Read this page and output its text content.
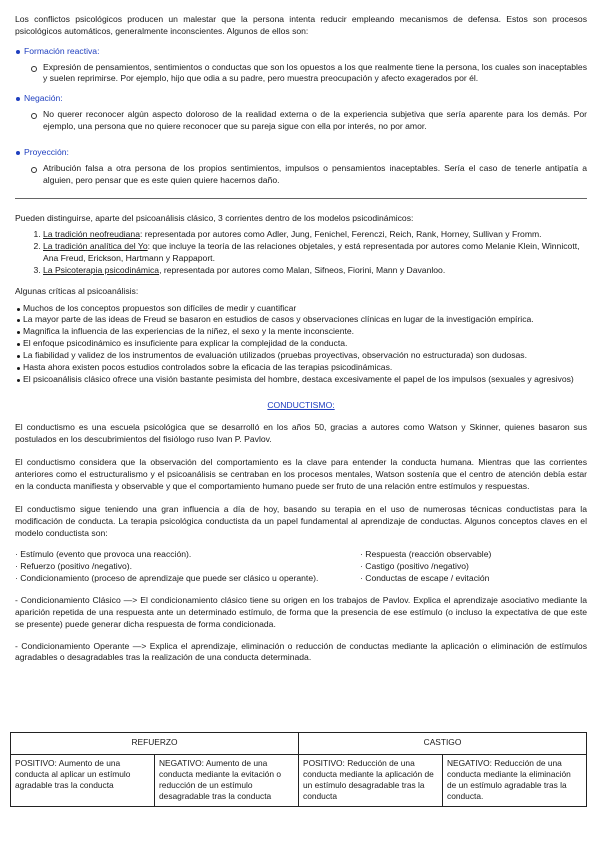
Los conflictos psicológicos producen un malestar que la persona intenta reducir empleando mecanismos de defensa. Estos son procesos psicológicos automáticos, generalmente inconscientes. Algunos de ellos son:

Formación reactiva:
Expresión de pensamientos, sentimientos o conductas que son los opuestos a los que realmente tiene la persona, los cuales son inaceptables y suelen reprimirse. Por ejemplo, hijo que odia a su padre, pero muestra preocupación y afecto exagerados por él.
Negación:
No querer reconocer algún aspecto doloroso de la realidad externa o de la experiencia subjetiva que sería aparente para los demás. Por ejemplo, una persona que no quiere reconocer que su pareja sigue con ella por interés, no por amor.
Proyección:
Atribución falsa a otra persona de los propios sentimientos, impulsos o pensamientos inaceptables. Sería el caso de tenerle antipatía a alguien, pero pensar que es este quien quiere hacernos daño.

Pueden distinguirse, aparte del psicoanálisis clásico, 3 corrientes dentro de los modelos psicodinámicos:

1. La tradición neofreudiana: representada por autores como Adler, Jung, Fenichel, Ferenczi, Reich, Rank, Horney, Sullivan y Fromm.
2. La tradición analítica del Yo: que incluye la teoría de las relaciones objetales, y está representada por autores como Melanie Klein, Winnicott, Ana Freud, Erickson, Hartmann y Rappaport.
3. La Psicoterapia psicodinámica, representada por autores como Malan, Sifneos, Fiorini, Mann y Davanloo.

Algunas críticas al psicoanálisis:

Muchos de los conceptos propuestos son difíciles de medir y cuantificar
La mayor parte de las ideas de Freud se basaron en estudios de casos y observaciones clínicas en lugar de la investigación empírica.
Magnifica la influencia de las experiencias de la niñez, el sexo y la mente inconsciente.
El enfoque psicodinámico es insuficiente para explicar la complejidad de la conducta.
La fiabilidad y validez de los instrumentos de evaluación utilizados (pruebas proyectivas, observación no estructurada) son dudosas.
Hasta ahora existen pocos estudios controlados sobre la eficacia de las terapias psicodinámicas.
El psicoanálisis clásico ofrece una visión bastante pesimista del hombre, destaca excesivamente el papel de los impulsos (sexuales y agresivos)
CONDUCTISMO:

El conductismo es una escuela psicológica que se desarrolló en los años 50, gracias a autores como Watson y Skinner, quienes basaron sus postulados en los descubrimientos del fisiólogo ruso Ivan P. Pavlov.

El conductismo considera que la observación del comportamiento es la clave para entender la conducta humana. Mientras que las corrientes anteriores como el estructuralismo y el psicoanálisis se centraban en los procesos mentales, Watson sostenía que el centro de atención debía estar en la conducta manifiesta y observable y que el comportamiento humano puede ser fruto de una relación entre estímulos y respuestas.

El conductismo sigue teniendo una gran influencia a día de hoy, basando su terapia en el uso de numerosas técnicas conductistas para la modificación de conducta. La terapia psicológica conductista da un papel fundamental al aprendizaje de conductas. Algunos conceptos claves en el modelo conductista son:

· Estímulo (evento que provoca una reacción).
· Refuerzo (positivo /negativo).
· Condicionamiento (proceso de aprendizaje que puede ser clásico u operante).
· Respuesta (reacción observable)
· Castigo (positivo /negativo)
· Conductas de escape / evitación

- Condicionamiento Clásico —> El condicionamiento clásico tiene su origen en los trabajos de Pavlov. Explica el aprendizaje asociativo mediante la aparición repetida de una respuesta ante un determinado estímulo, de forma que la presencia de ese estímulo (o incluso la expectativa de que este se presente) puede generar dicha respuesta de forma condicionada.

- Condicionamiento Operante —> Explica el aprendizaje, eliminación o reducción de conductas mediante la aplicación o eliminación de estímulos agradables o desagradables tras la realización de una conducta determinada.

REFUERZO		CASTIGO	
POSITIVO: Aumento de una conducta al aplicar un estímulo agradable tras la conducta	NEGATIVO: Aumento de una conducta mediante la evitación o reducción de un estímulo desagradable tras la conducta	POSITIVO: Reducción de una conducta mediante la aplicación de un estímulo desagradable tras la conducta	NEGATIVO: Reducción de una conducta mediante la eliminación de un estímulo agradable tras la conducta.
